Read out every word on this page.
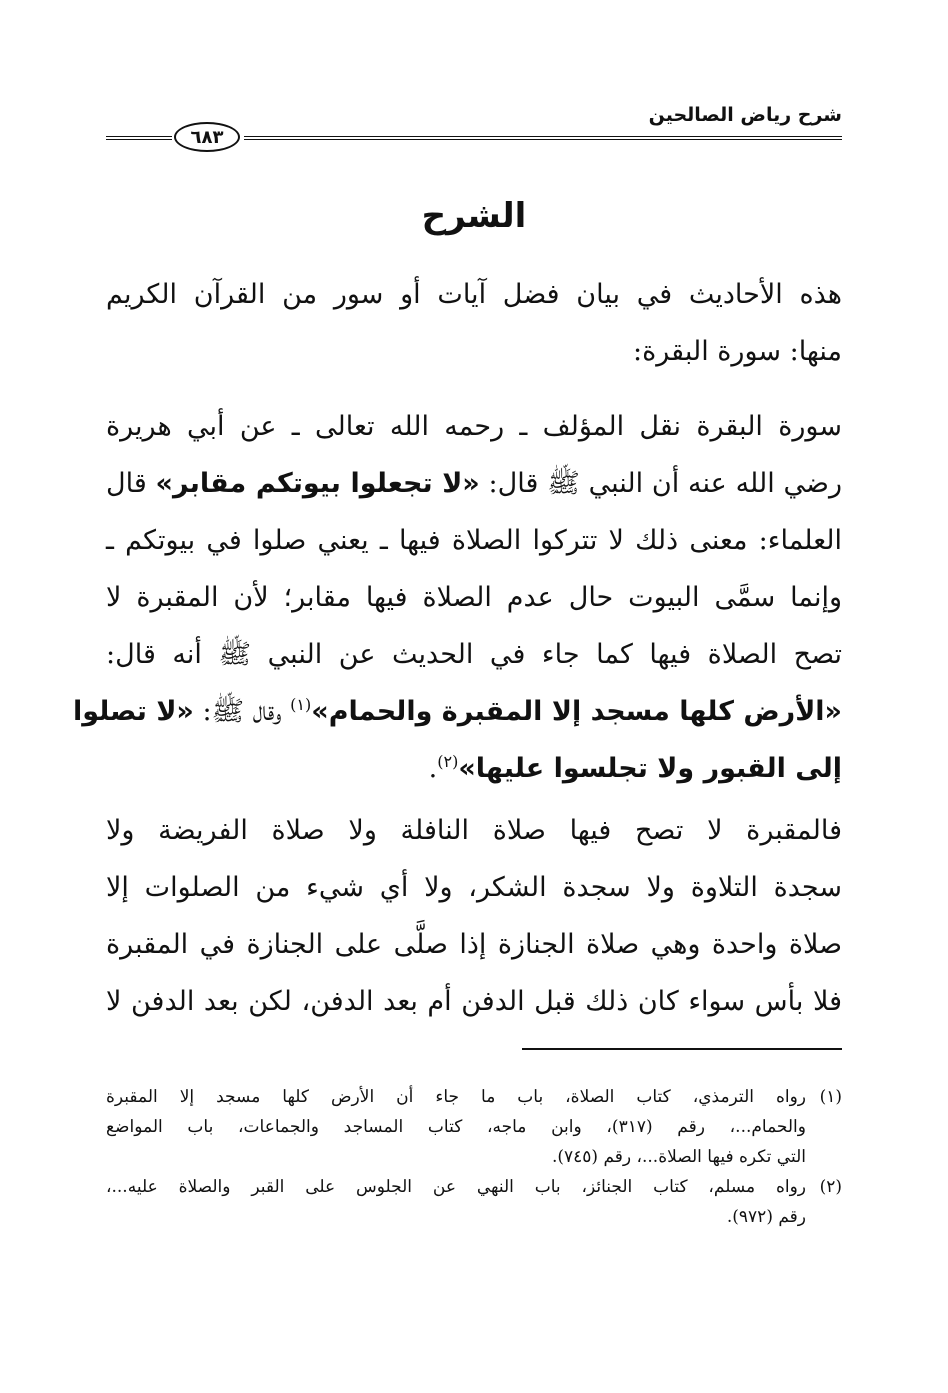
شرح رياض الصالحين
٦٨٣
الشرح
هذه الأحاديث في بيان فضل آيات أو سور من القرآن الكريم
منها: سورة البقرة:
سورة البقرة نقل المؤلف ـ رحمه الله تعالى ـ عن أبي هريرة
رضي الله عنه أن النبي ﷺ قال: «لا تجعلوا بيوتكم مقابر» قال
العلماء: معنى ذلك لا تتركوا الصلاة فيها ـ يعني صلوا في بيوتكم ـ
وإنما سمَّى البيوت حال عدم الصلاة فيها مقابر؛ لأن المقبرة لا
تصح الصلاة فيها كما جاء في الحديث عن النبي ﷺ أنه قال:
«الأرض كلها مسجد إلا المقبرة والحمام»$^{(١)}$ وقال ﷺ: «لا تصلوا
إلى القبور ولا تجلسوا عليها»$^{(٢)}$.
فالمقبرة لا تصح فيها صلاة النافلة ولا صلاة الفريضة ولا
سجدة التلاوة ولا سجدة الشكر، ولا أي شيء من الصلوات إلا
صلاة واحدة وهي صلاة الجنازة إذا صلَّى على الجنازة في المقبرة
فلا بأس سواء كان ذلك قبل الدفن أم بعد الدفن، لكن بعد الدفن لا
(١)
رواه الترمذي، كتاب الصلاة، باب ما جاء أن الأرض كلها مسجد إلا المقبرة
والحمام...، رقم (٣١٧)، وابن ماجه، كتاب المساجد والجماعات، باب المواضع
التي تكره فيها الصلاة...، رقم (٧٤٥).
(٢)
رواه مسلم، كتاب الجنائز، باب النهي عن الجلوس على القبر والصلاة عليه...،
رقم (٩٧٢).
